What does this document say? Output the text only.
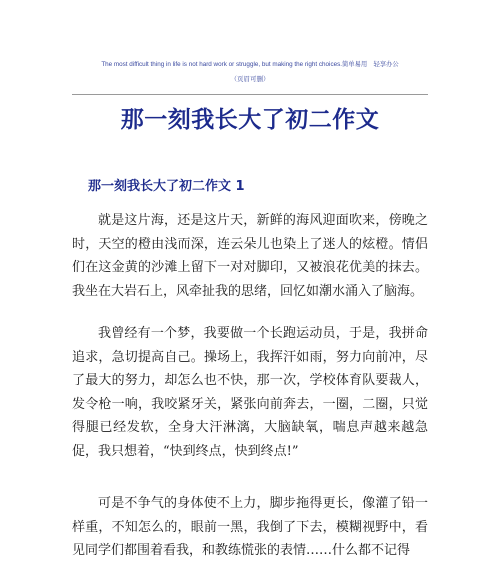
The most difficult thing in life is not hard work or struggle, but making the right choices.简单易用　轻享办公
（页眉可删）
那一刻我长大了初二作文
那一刻我长大了初二作文 1
就是这片海，还是这片天，新鲜的海风迎面吹来，傍晚之时，天空的橙由浅而深，连云朵儿也染上了迷人的炫橙。情侣们在这金黄的沙滩上留下一对对脚印，又被浪花优美的抹去。我坐在大岩石上，风牵扯我的思绪，回忆如潮水涌入了脑海。
我曾经有一个梦，我要做一个长跑运动员，于是，我拼命追求，急切提高自己。操场上，我挥汗如雨，努力向前冲，尽了最大的努力，却怎么也不快，那一次，学校体育队要裁人，发令枪一响，我咬紧牙关，紧张向前奔去，一圈，二圈，只觉得腿已经发软，全身大汗淋漓，大脑缺氧，喘息声越来越急促，我只想着，“快到终点，快到终点!”
可是不争气的身体使不上力，脚步拖得更长，像灌了铅一样重，不知怎么的，眼前一黑，我倒了下去，模糊视野中，看见同学们都围着看我，和教练慌张的表情……什么都不记得
